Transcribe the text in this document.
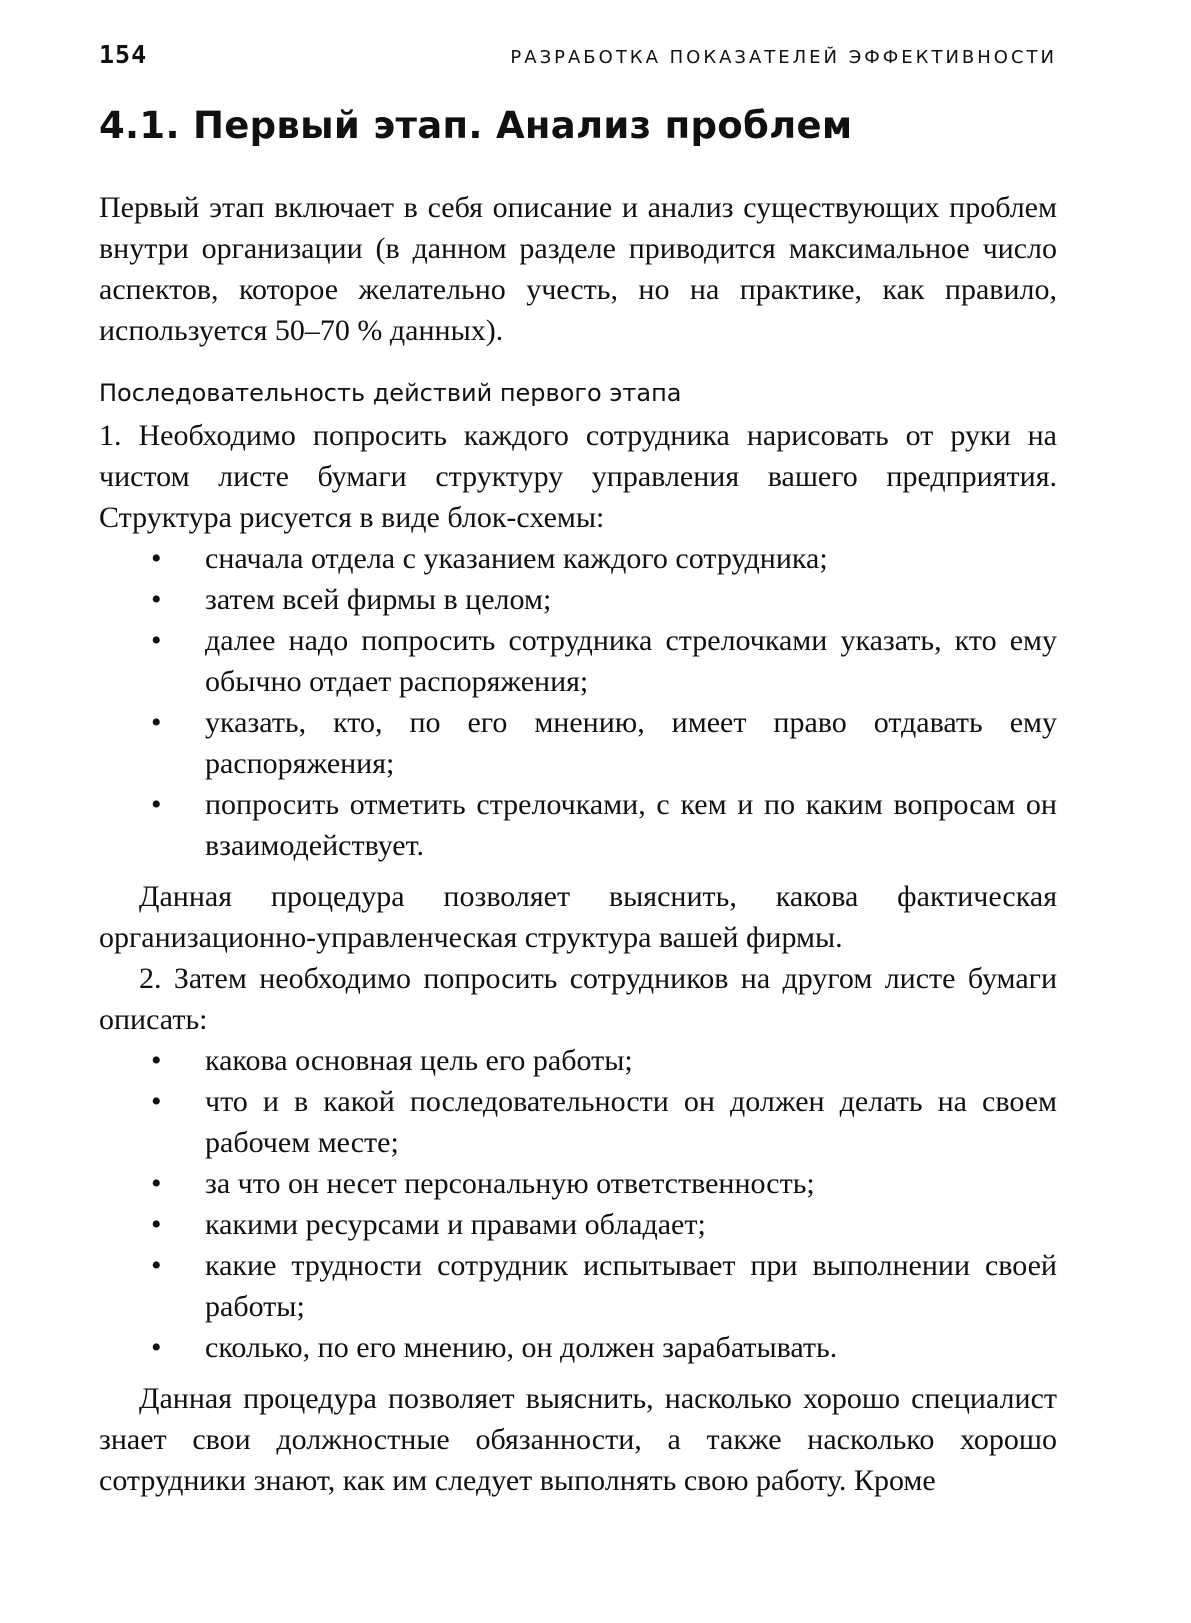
154	РАЗРАБОТКА ПОКАЗАТЕЛЕЙ ЭФФЕКТИВНОСТИ
4.1. Первый этап. Анализ проблем

Первый этап включает в себя описание и анализ существующих проблем внутри организации (в данном разделе приводится максимальное число аспектов, которое желательно учесть, но на практике, как правило, используется 50–70 % данных).

Последовательность действий первого этапа

1. Необходимо попросить каждого сотрудника нарисовать от руки на чистом листе бумаги структуру управления вашего предприятия. Структура рисуется в виде блок-схемы:

• сначала отдела с указанием каждого сотрудника;
• затем всей фирмы в целом;
• далее надо попросить сотрудника стрелочками указать, кто ему обычно отдает распоряжения;
• указать, кто, по его мнению, имеет право отдавать ему распоряжения;
• попросить отметить стрелочками, с кем и по каким вопросам он взаимодействует.

Данная процедура позволяет выяснить, какова фактическая организационно-управленческая структура вашей фирмы.

2. Затем необходимо попросить сотрудников на другом листе бумаги описать:

• какова основная цель его работы;
• что и в какой последовательности он должен делать на своем рабочем месте;
• за что он несет персональную ответственность;
• какими ресурсами и правами обладает;
• какие трудности сотрудник испытывает при выполнении своей работы;
• сколько, по его мнению, он должен зарабатывать.

Данная процедура позволяет выяснить, насколько хорошо специалист знает свои должностные обязанности, а также насколько хорошо сотрудники знают, как им следует выполнять свою работу. Кроме
